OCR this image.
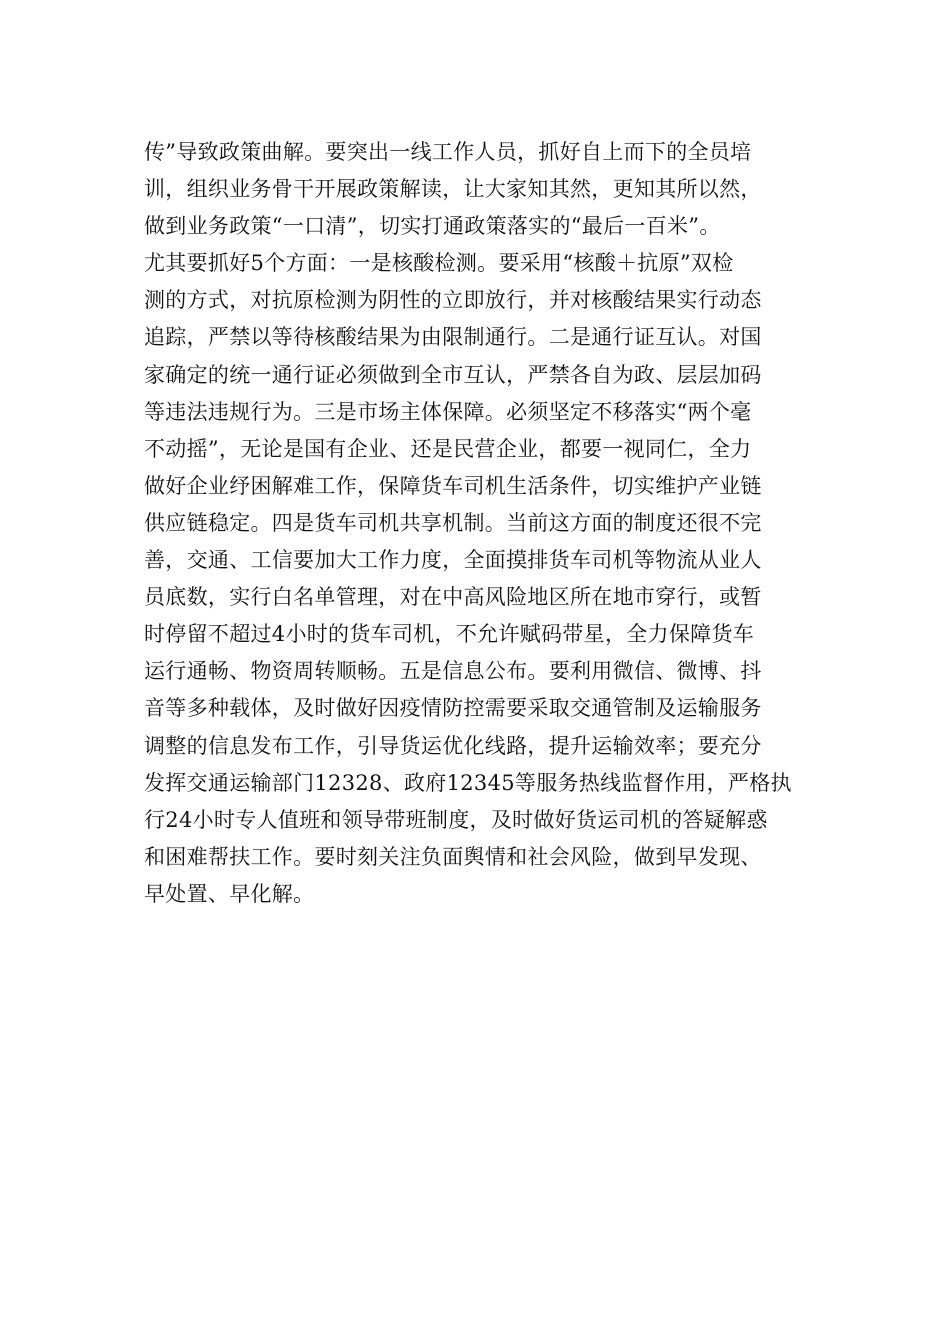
传”导致政策曲解。要突出一线工作人员，抓好自上而下的全员培
训，组织业务骨干开展政策解读，让大家知其然，更知其所以然，
做到业务政策“一口清”，切实打通政策落实的“最后一百米”。
尤其要抓好5个方面：一是核酸检测。要采用“核酸＋抗原”双检
测的方式，对抗原检测为阴性的立即放行，并对核酸结果实行动态
追踪，严禁以等待核酸结果为由限制通行。二是通行证互认。对国
家确定的统一通行证必须做到全市互认，严禁各自为政、层层加码
等违法违规行为。三是市场主体保障。必须坚定不移落实“两个毫
不动摇”，无论是国有企业、还是民营企业，都要一视同仁，全力
做好企业纾困解难工作，保障货车司机生活条件，切实维护产业链
供应链稳定。四是货车司机共享机制。当前这方面的制度还很不完
善，交通、工信要加大工作力度，全面摸排货车司机等物流从业人
员底数，实行白名单管理，对在中高风险地区所在地市穿行，或暂
时停留不超过4小时的货车司机，不允许赋码带星，全力保障货车
运行通畅、物资周转顺畅。五是信息公布。要利用微信、微博、抖
音等多种载体，及时做好因疫情防控需要采取交通管制及运输服务
调整的信息发布工作，引导货运优化线路，提升运输效率；要充分
发挥交通运输部门12328、政府12345等服务热线监督作用，严格执
行24小时专人值班和领导带班制度，及时做好货运司机的答疑解惑
和困难帮扶工作。要时刻关注负面舆情和社会风险，做到早发现、
早处置、早化解。
